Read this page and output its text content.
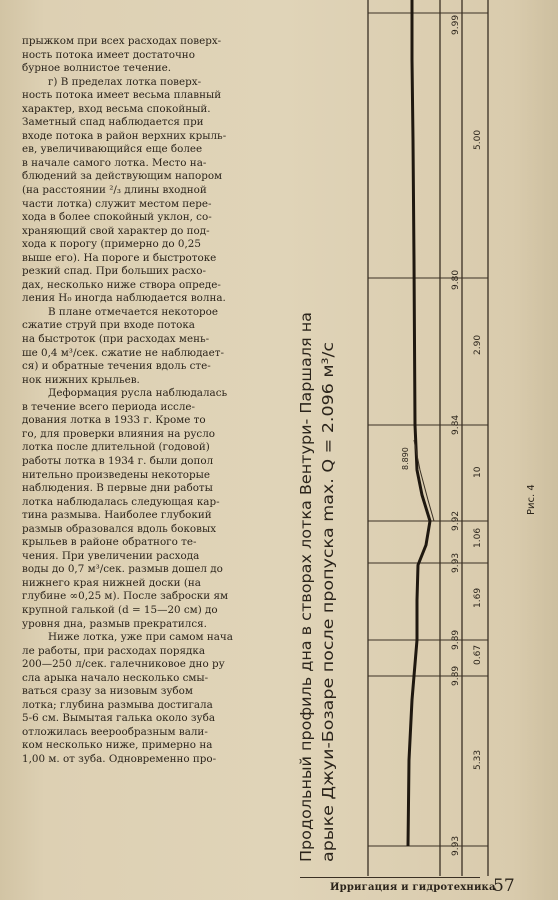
прыжком при всех расходах поверх-

ность потока имеет достаточно

бурное волнистое течение.

г) В пределах лотка поверх-

ность потока имеет весьма плавный

характер, вход весьма спокойный.

Заметный спад наблюдается при

входе потока в район верхних крыль-

ев, увеличивающийся еще более

в начале самого лотка. Место на-

блюдений за действующим напором

(на расстоянии ²/₃ длины входной

части лотка) служит местом пере-

хода в более спокойный уклон, со-

храняющий свой характер до под-

хода к порогу (примерно до 0,25

выше его). На пороге и быстротоке

резкий спад. При больших расхо-

дах, несколько ниже створа опреде-

ления H₀ иногда наблюдается волна.

В плане отмечается некоторое

сжатие струй при входе потока

на быстроток (при расходах мень-

ше 0,4 м³/сек. сжатие не наблюдает-

ся) и обратные течения вдоль сте-

нок нижних крыльев.

Деформация русла наблюдалась

в течение всего периода иссле-

дования лотка в 1933 г. Кроме то

го, для проверки влияния на русло

лотка после длительной (годовой)

работы лотка в 1934 г. были допол

нительно произведены некоторые

наблюдения. В первые дни работы

лотка наблюдалась следующая кар-

тина размыва. Наиболее глубокий

размыв образовался вдоль боковых

крыльев в районе обратного те-

чения. При увеличении расхода

воды до 0,7 м³/сек. размыв дошел до

нижнего края нижней доски (на

глубине ∞0,25 м). После заброски ям

крупной галькой (d = 15—20 см) до

уровня дна, размыв прекратился.

Ниже лотка, уже при самом нача

ле работы, при расходах порядка

200—250 л/сек. галечниковое дно ру

сла арыка начало несколько смы-

ваться сразу за низовым зубом

лотка; глубина размыва достигала

5-6 см. Вымытая галька около зуба

отложилась веерообразным вали-

ком несколько ниже, примерно на

1,00 м. от зуба. Одновременно про-	Продольный профиль дна в створах лотка Вентури- Паршаля на арыке Джуи-Бозаре после пропуска max. Q = 2.096 м³/с	8.890
9.99
9.80
9.84
9.92
9.93
9.89
9.89
9.93
5.00
2.90
10
1.06
1.69
0.67
5.33
Рис. 4
Ирригация и гидротехника
57
